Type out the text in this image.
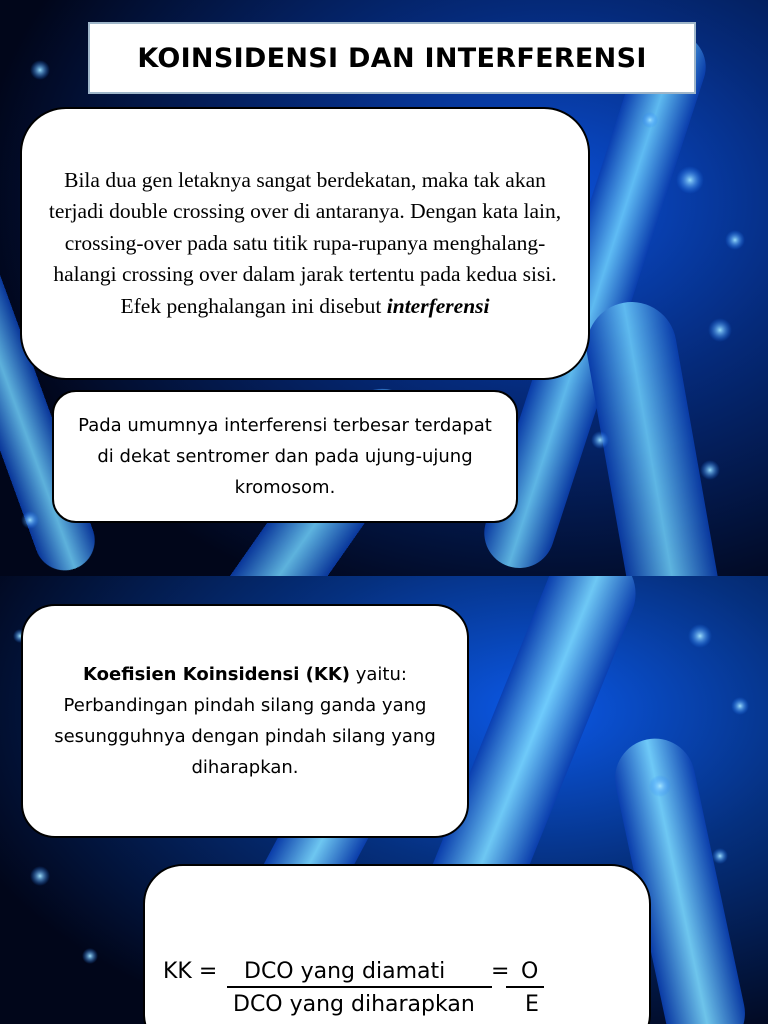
KOINSIDENSI DAN INTERFERENSI
Bila dua gen letaknya sangat berdekatan, maka tak akan terjadi double crossing over di antaranya. Dengan kata lain, crossing-over pada satu titik rupa-rupanya menghalang-halangi crossing over dalam jarak tertentu pada kedua sisi. Efek penghalangan ini disebut interferensi
Pada umumnya interferensi terbesar terdapat di dekat sentromer dan pada ujung-ujung kromosom.
Koefisien Koinsidensi (KK) yaitu: Perbandingan pindah silang ganda yang sesungguhnya dengan pindah silang yang diharapkan.
KK = DCO yang diamati = O
DCO yang diharapkan E
